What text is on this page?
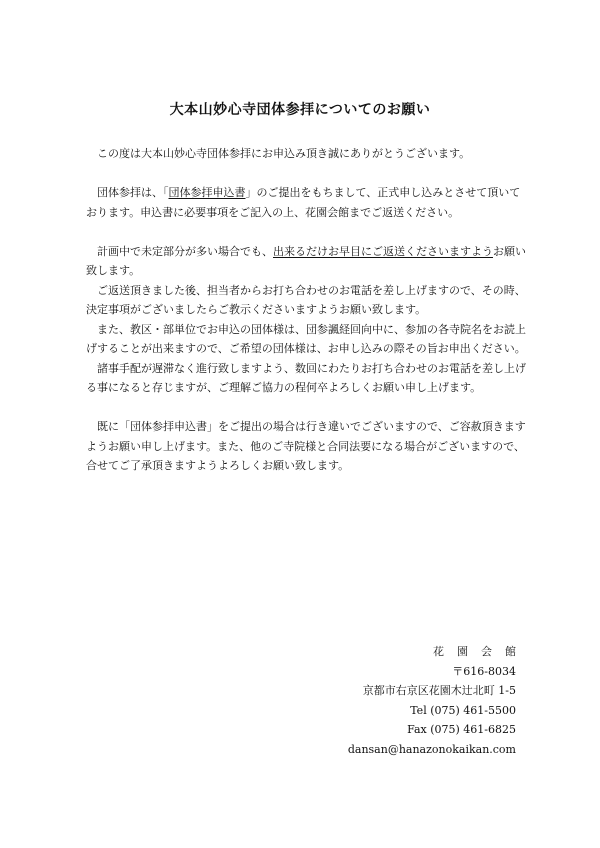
大本山妙心寺団体参拝についてのお願い

この度は大本山妙心寺団体参拝にお申込み頂き誠にありがとうございます。

団体参拝は、「団体参拝申込書」のご提出をもちまして、正式申し込みとさせて頂いております。申込書に必要事項をご記入の上、花園会館までご返送ください。

計画中で未定部分が多い場合でも、出来るだけお早目にご返送くださいますようお願い致します。

ご返送頂きました後、担当者からお打ち合わせのお電話を差し上げますので、その時、決定事項がございましたらご教示くださいますようお願い致します。

また、教区・部単位でお申込の団体様は、団参諷経回向中に、参加の各寺院名をお読上げすることが出来ますので、ご希望の団体様は、お申し込みの際その旨お申出ください。

諸事手配が遅滞なく進行致しますよう、数回にわたりお打ち合わせのお電話を差し上げる事になると存じますが、ご理解ご協力の程何卒よろしくお願い申し上げます。

既に「団体参拝申込書」をご提出の場合は行き違いでございますので、ご容赦頂きますようお願い申し上げます。また、他のご寺院様と合同法要になる場合がございますので、合せてご了承頂きますようよろしくお願い致します。

花園会館
〒616-8034
京都市右京区花園木辻北町 1-5
Tel (075) 461-5500
Fax (075) 461-6825
dansan@hanazonokaikan.com
